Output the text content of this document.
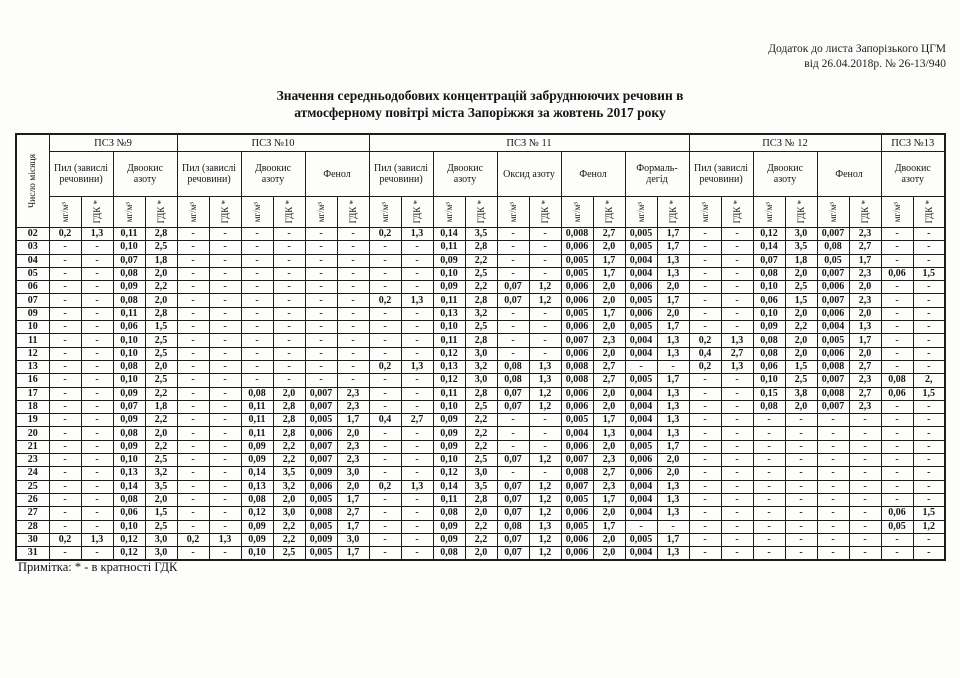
Додаток до листа Запорізького ЦГМ
від 26.04.2018р. № 26-13/940
Значення середньодобових концентрацій забруднюючих речовин в
атмосферному повітрі міста Запоріжжя за жовтень 2017 року
Число місяця	ПСЗ №9				ПСЗ №10						ПСЗ № 11										ПСЗ № 12						ПСЗ №13	
	Пил (завислі речовини)		Двоокис азоту		Пил (завислі речовини)		Двоокис азоту		Фенол		Пил (завислі речовини)		Двоокис азоту		Оксид азоту		Фенол		Формаль-дегід		Пил (завислі речовини)		Двоокис азоту		Фенол		Двоокис азоту	

	мг/м³	ГДК *	мг/м³	ГДК *	мг/м³	ГДК *	мг/м³	ГДК *	мг/м³	ГДК *	мг/м³	ГДК *	мг/м³	ГДК *	мг/м³	ГДК *	мг/м³	ГДК *	мг/м³	ГДК *	мг/м³	ГДК *	мг/м³	ГДК *	мг/м³	ГДК *	мг/м³	ГДК *

02	0,2	1,3	0,11	2,8	-	-	-	-	-	-	0,2	1,3	0,14	3,5	-	-	0,008	2,7	0,005	1,7	-	-	0,12	3,0	0,007	2,3	-	-
03	-	-	0,10	2,5	-	-	-	-	-	-	-	-	0,11	2,8	-	-	0,006	2,0	0,005	1,7	-	-	0,14	3,5	0,08	2,7	-	-
04	-	-	0,07	1,8	-	-	-	-	-	-	-	-	0,09	2,2	-	-	0,005	1,7	0,004	1,3	-	-	0,07	1,8	0,05	1,7	-	-
05	-	-	0,08	2,0	-	-	-	-	-	-	-	-	0,10	2,5	-	-	0,005	1,7	0,004	1,3	-	-	0,08	2,0	0,007	2,3	0,06	1,5
06	-	-	0,09	2,2	-	-	-	-	-	-	-	-	0,09	2,2	0,07	1,2	0,006	2,0	0,006	2,0	-	-	0,10	2,5	0,006	2,0	-	-
07	-	-	0,08	2,0	-	-	-	-	-	-	0,2	1,3	0,11	2,8	0,07	1,2	0,006	2,0	0,005	1,7	-	-	0,06	1,5	0,007	2,3	-	-
09	-	-	0,11	2,8	-	-	-	-	-	-	-	-	0,13	3,2	-	-	0,005	1,7	0,006	2,0	-	-	0,10	2,0	0,006	2,0	-	-
10	-	-	0,06	1,5	-	-	-	-	-	-	-	-	0,10	2,5	-	-	0,006	2,0	0,005	1,7	-	-	0,09	2,2	0,004	1,3	-	-
11	-	-	0,10	2,5	-	-	-	-	-	-	-	-	0,11	2,8	-	-	0,007	2,3	0,004	1,3	0,2	1,3	0,08	2,0	0,005	1,7	-	-
12	-	-	0,10	2,5	-	-	-	-	-	-	-	-	0,12	3,0	-	-	0,006	2,0	0,004	1,3	0,4	2,7	0,08	2,0	0,006	2,0	-	-
13	-	-	0,08	2,0	-	-	-	-	-	-	0,2	1,3	0,13	3,2	0,08	1,3	0,008	2,7	-	-	0,2	1,3	0,06	1,5	0,008	2,7	-	-
16	-	-	0,10	2,5	-	-	-	-	-	-	-	-	0,12	3,0	0,08	1,3	0,008	2,7	0,005	1,7	-	-	0,10	2,5	0,007	2,3	0,08	2,
17	-	-	0,09	2,2	-	-	0,08	2,0	0,007	2,3	-	-	0,11	2,8	0,07	1,2	0,006	2,0	0,004	1,3	-	-	0,15	3,8	0,008	2,7	0,06	1,5
18	-	-	0,07	1,8	-	-	0,11	2,8	0,007	2,3	-	-	0,10	2,5	0,07	1,2	0,006	2,0	0,004	1,3	-	-	0,08	2,0	0,007	2,3	-	-
19	-	-	0,09	2,2	-	-	0,11	2,8	0,005	1,7	0,4	2,7	0,09	2,2	-	-	0,005	1,7	0,004	1,3	-	-	-	-	-	-	-	-
20	-	-	0,08	2,0	-	-	0,11	2,8	0,006	2,0	-	-	0,09	2,2	-	-	0,004	1,3	0,004	1,3	-	-	-	-	-	-	-	-
21	-	-	0,09	2,2	-	-	0,09	2,2	0,007	2,3	-	-	0,09	2,2	-	-	0,006	2,0	0,005	1,7	-	-	-	-	-	-	-	-
23	-	-	0,10	2,5	-	-	0,09	2,2	0,007	2,3	-	-	0,10	2,5	0,07	1,2	0,007	2,3	0,006	2,0	-	-	-	-	-	-	-	-
24	-	-	0,13	3,2	-	-	0,14	3,5	0,009	3,0	-	-	0,12	3,0	-	-	0,008	2,7	0,006	2,0	-	-	-	-	-	-	-	-
25	-	-	0,14	3,5	-	-	0,13	3,2	0,006	2,0	0,2	1,3	0,14	3,5	0,07	1,2	0,007	2,3	0,004	1,3	-	-	-	-	-	-	-	-
26	-	-	0,08	2,0	-	-	0,08	2,0	0,005	1,7	-	-	0,11	2,8	0,07	1,2	0,005	1,7	0,004	1,3	-	-	-	-	-	-	-	-
27	-	-	0,06	1,5	-	-	0,12	3,0	0,008	2,7	-	-	0,08	2,0	0,07	1,2	0,006	2,0	0,004	1,3	-	-	-	-	-	-	0,06	1,5
28	-	-	0,10	2,5	-	-	0,09	2,2	0,005	1,7	-	-	0,09	2,2	0,08	1,3	0,005	1,7	-	-	-	-	-	-	-	-	0,05	1,2
30	0,2	1,3	0,12	3,0	0,2	1,3	0,09	2,2	0,009	3,0	-	-	0,09	2,2	0,07	1,2	0,006	2,0	0,005	1,7	-	-	-	-	-	-	-	-
31	-	-	0,12	3,0	-	-	0,10	2,5	0,005	1,7	-	-	0,08	2,0	0,07	1,2	0,006	2,0	0,004	1,3	-	-	-	-	-	-	-	-
Примітка: * - в кратності ГДК
